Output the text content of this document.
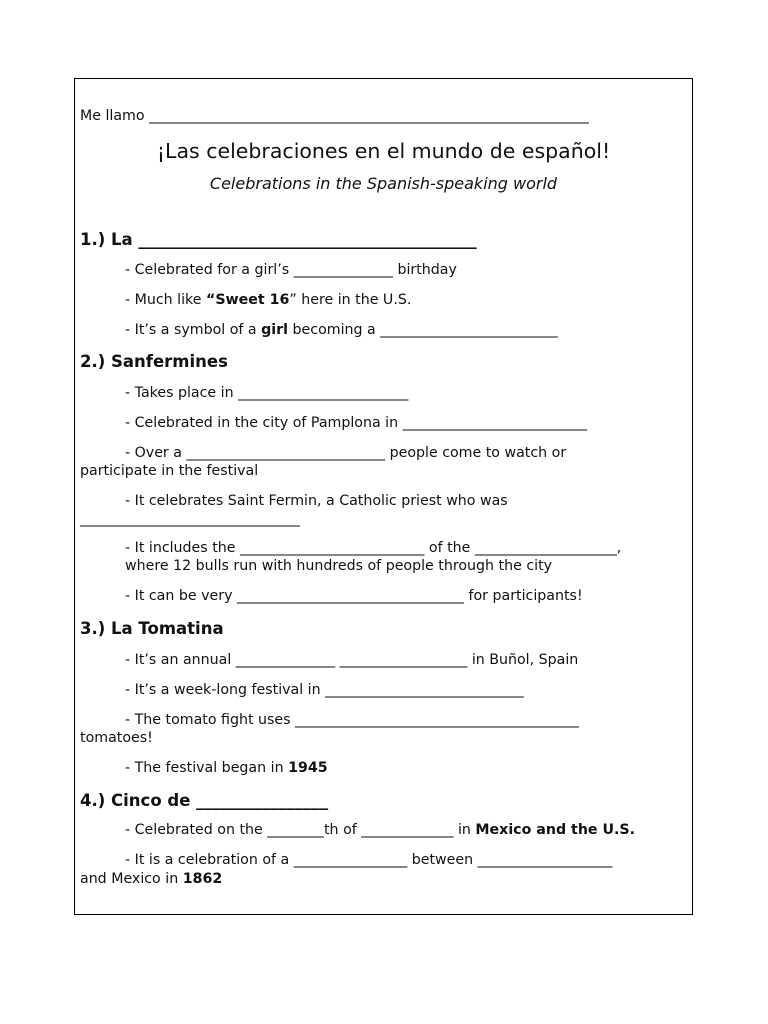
Me llamo ______________________________________________________________
¡Las celebraciones en el mundo de español!
Celebrations in the Spanish-speaking world
1.) La _________________________________________
- Celebrated for a girl’s ______________ birthday
- Much like “Sweet 16” here in the U.S.
- It’s a symbol of a girl becoming a _________________________
2.) Sanfermines
- Takes place in ________________________
- Celebrated in the city of Pamplona in __________________________
- Over a ____________________________ people come to watch or
participate in the festival
- It celebrates Saint Fermin, a Catholic priest who was
_______________________________
- It includes the __________________________ of the ____________________,
where 12 bulls run with hundreds of people through the city
- It can be very ________________________________ for participants!
3.) La Tomatina
- It’s an annual ______________ __________________ in Buñol, Spain
- It’s a week-long festival in ____________________________
- The tomato fight uses ________________________________________
tomatoes!
- The festival began in 1945
4.) Cinco de ________________
- Celebrated on the ________th of _____________ in Mexico and the U.S.
- It is a celebration of a ________________ between ___________________
and Mexico in 1862
